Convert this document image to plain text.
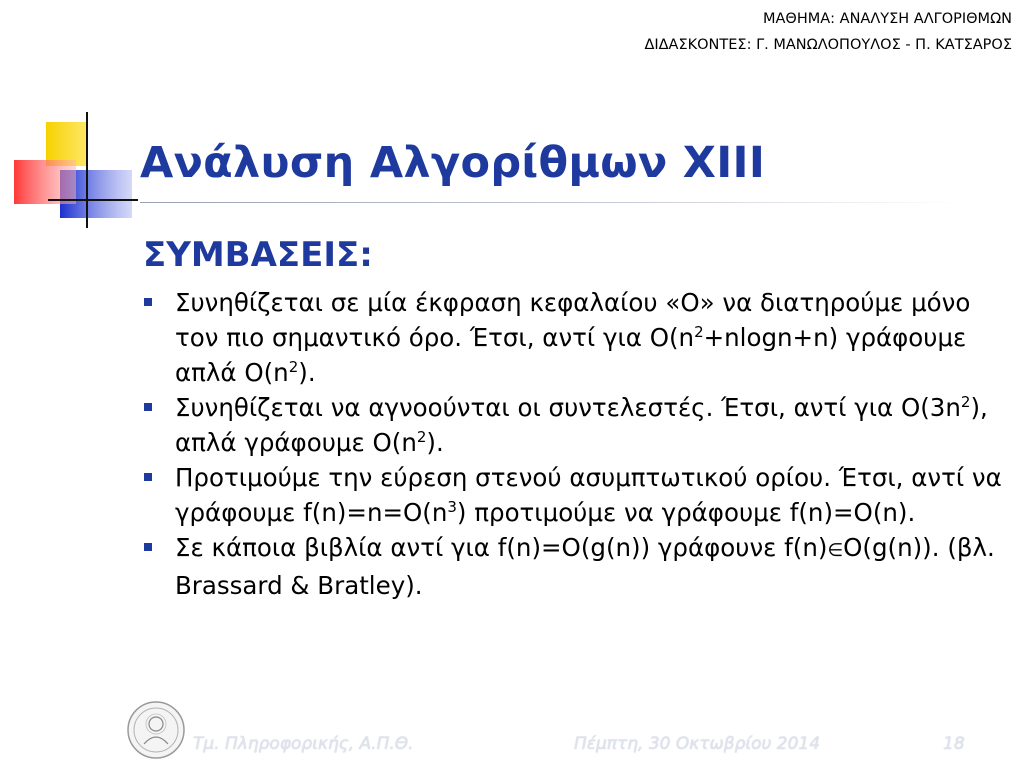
ΜΑΘΗΜΑ: ΑΝΑΛΥΣΗ ΑΛΓΟΡΙΘΜΩΝ
ΔΙΔΑΣΚΟΝΤΕΣ: Γ. ΜΑΝΩΛΟΠΟΥΛΟΣ - Π. ΚΑΤΣΑΡΟΣ
Ανάλυση Αλγορίθμων XIII
ΣΥΜΒΑΣΕΙΣ:
Συνηθίζεται σε μία έκφραση κεφαλαίου «Ο» να διατηρούμε μόνο τον πιο σημαντικό όρο. Έτσι, αντί για $O(n^2+nlogn+n)$ γράφουμε απλά $O(n^2)$.
Συνηθίζεται να αγνοούνται οι συντελεστές. Έτσι, αντί για $O(3n^2)$, απλά γράφουμε $O(n^2)$.
Προτιμούμε την εύρεση στενού ασυμπτωτικού ορίου. Έτσι, αντί να γράφουμε $f(n)=n=O(n^3)$ προτιμούμε να γράφουμε f(n)=O(n).
Σε κάποια βιβλία αντί για f(n)=O(g(n)) γράφουνε f(n)∈O(g(n)). (βλ. Brassard & Bratley).
Τμ. Πληροφορικής, Α.Π.Θ.	Πέμπτη, 30 Οκτωβρίου 2014	18
